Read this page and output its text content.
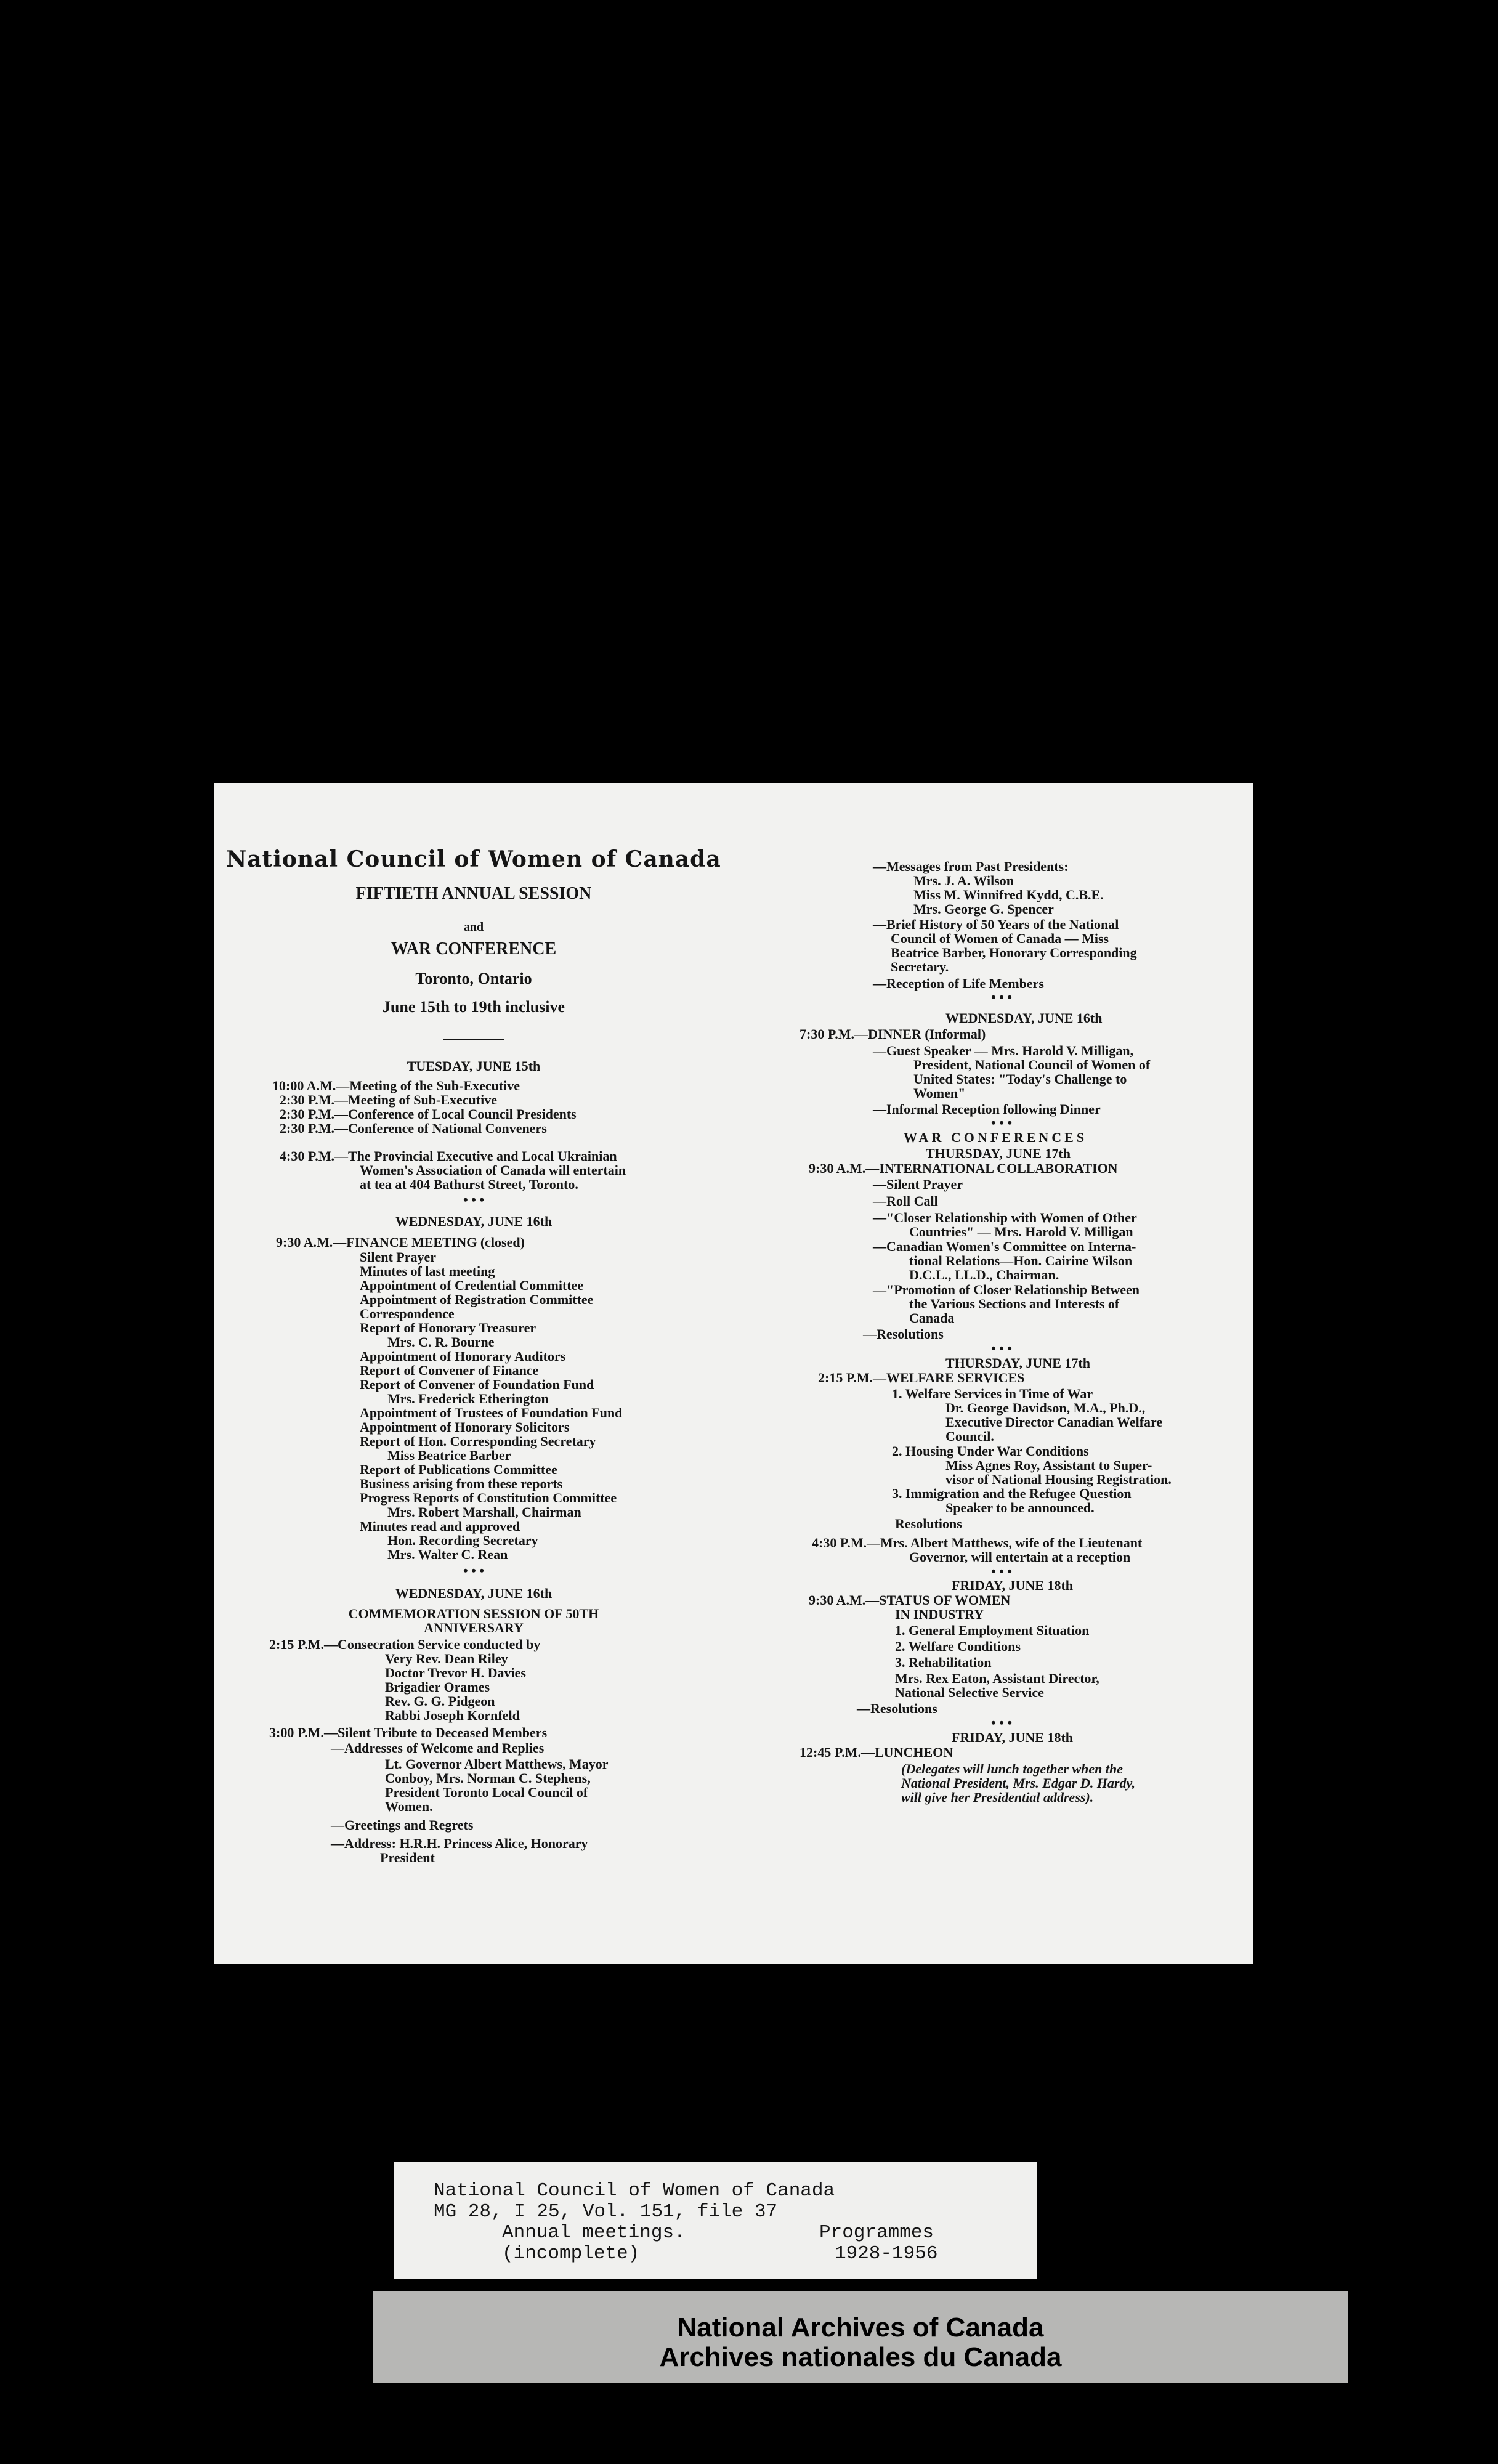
National Council of Women of Canada
FIFTIETH ANNUAL SESSION
and
WAR CONFERENCE
Toronto, Ontario
June 15th to 19th inclusive
TUESDAY, JUNE 15th
10:00 A.M.—Meeting of the Sub-Executive
2:30 P.M.—Meeting of Sub-Executive
2:30 P.M.—Conference of Local Council Presidents
2:30 P.M.—Conference of National Conveners
4:30 P.M.—The Provincial Executive and Local Ukrainian
Women's Association of Canada will entertain
at tea at 404 Bathurst Street, Toronto.
• • •
WEDNESDAY, JUNE 16th
9:30 A.M.—FINANCE MEETING (closed)
Silent Prayer
Minutes of last meeting
Appointment of Credential Committee
Appointment of Registration Committee
Correspondence
Report of Honorary Treasurer
Mrs. C. R. Bourne
Appointment of Honorary Auditors
Report of Convener of Finance
Report of Convener of Foundation Fund
Mrs. Frederick Etherington
Appointment of Trustees of Foundation Fund
Appointment of Honorary Solicitors
Report of Hon. Corresponding Secretary
Miss Beatrice Barber
Report of Publications Committee
Business arising from these reports
Progress Reports of Constitution Committee
Mrs. Robert Marshall, Chairman
Minutes read and approved
Hon. Recording Secretary
Mrs. Walter C. Rean
• • •
WEDNESDAY, JUNE 16th
COMMEMORATION SESSION OF 50TH
ANNIVERSARY
2:15 P.M.—Consecration Service conducted by
Very Rev. Dean Riley
Doctor Trevor H. Davies
Brigadier Orames
Rev. G. G. Pidgeon
Rabbi Joseph Kornfeld
3:00 P.M.—Silent Tribute to Deceased Members
—Addresses of Welcome and Replies
Lt. Governor Albert Matthews, Mayor
Conboy, Mrs. Norman C. Stephens,
President Toronto Local Council of
Women.
—Greetings and Regrets
—Address: H.R.H. Princess Alice, Honorary
President
—Messages from Past Presidents:
Mrs. J. A. Wilson
Miss M. Winnifred Kydd, C.B.E.
Mrs. George G. Spencer
—Brief History of 50 Years of the National
Council of Women of Canada — Miss
Beatrice Barber, Honorary Corresponding
Secretary.
—Reception of Life Members
• • •
WEDNESDAY, JUNE 16th
7:30 P.M.—DINNER (Informal)
—Guest Speaker — Mrs. Harold V. Milligan,
President, National Council of Women of
United States: "Today's Challenge to
Women"
—Informal Reception following Dinner
• • •
WAR CONFERENCES
THURSDAY, JUNE 17th
9:30 A.M.—INTERNATIONAL COLLABORATION
—Silent Prayer
—Roll Call
—"Closer Relationship with Women of Other
Countries" — Mrs. Harold V. Milligan
—Canadian Women's Committee on Interna-
tional Relations—Hon. Cairine Wilson
D.C.L., LL.D., Chairman.
—"Promotion of Closer Relationship Between
the Various Sections and Interests of
Canada
—Resolutions
• • •
THURSDAY, JUNE 17th
2:15 P.M.—WELFARE SERVICES
1. Welfare Services in Time of War
Dr. George Davidson, M.A., Ph.D.,
Executive Director Canadian Welfare
Council.
2. Housing Under War Conditions
Miss Agnes Roy, Assistant to Super-
visor of National Housing Registration.
3. Immigration and the Refugee Question
Speaker to be announced.
Resolutions
4:30 P.M.—Mrs. Albert Matthews, wife of the Lieutenant
Governor, will entertain at a reception
• • •
FRIDAY, JUNE 18th
9:30 A.M.—STATUS OF WOMEN
IN INDUSTRY
1. General Employment Situation
2. Welfare Conditions
3. Rehabilitation
Mrs. Rex Eaton, Assistant Director,
National Selective Service
—Resolutions
• • •
FRIDAY, JUNE 18th
12:45 P.M.—LUNCHEON
(Delegates will lunch together when the
National President, Mrs. Edgar D. Hardy,
will give her Presidential address).
National Council of Women of Canada
MG 28, I 25, Vol. 151, file 37
Annual meetings.	Programmes
(incomplete)	1928-1956
National Archives of Canada
Archives nationales du Canada
